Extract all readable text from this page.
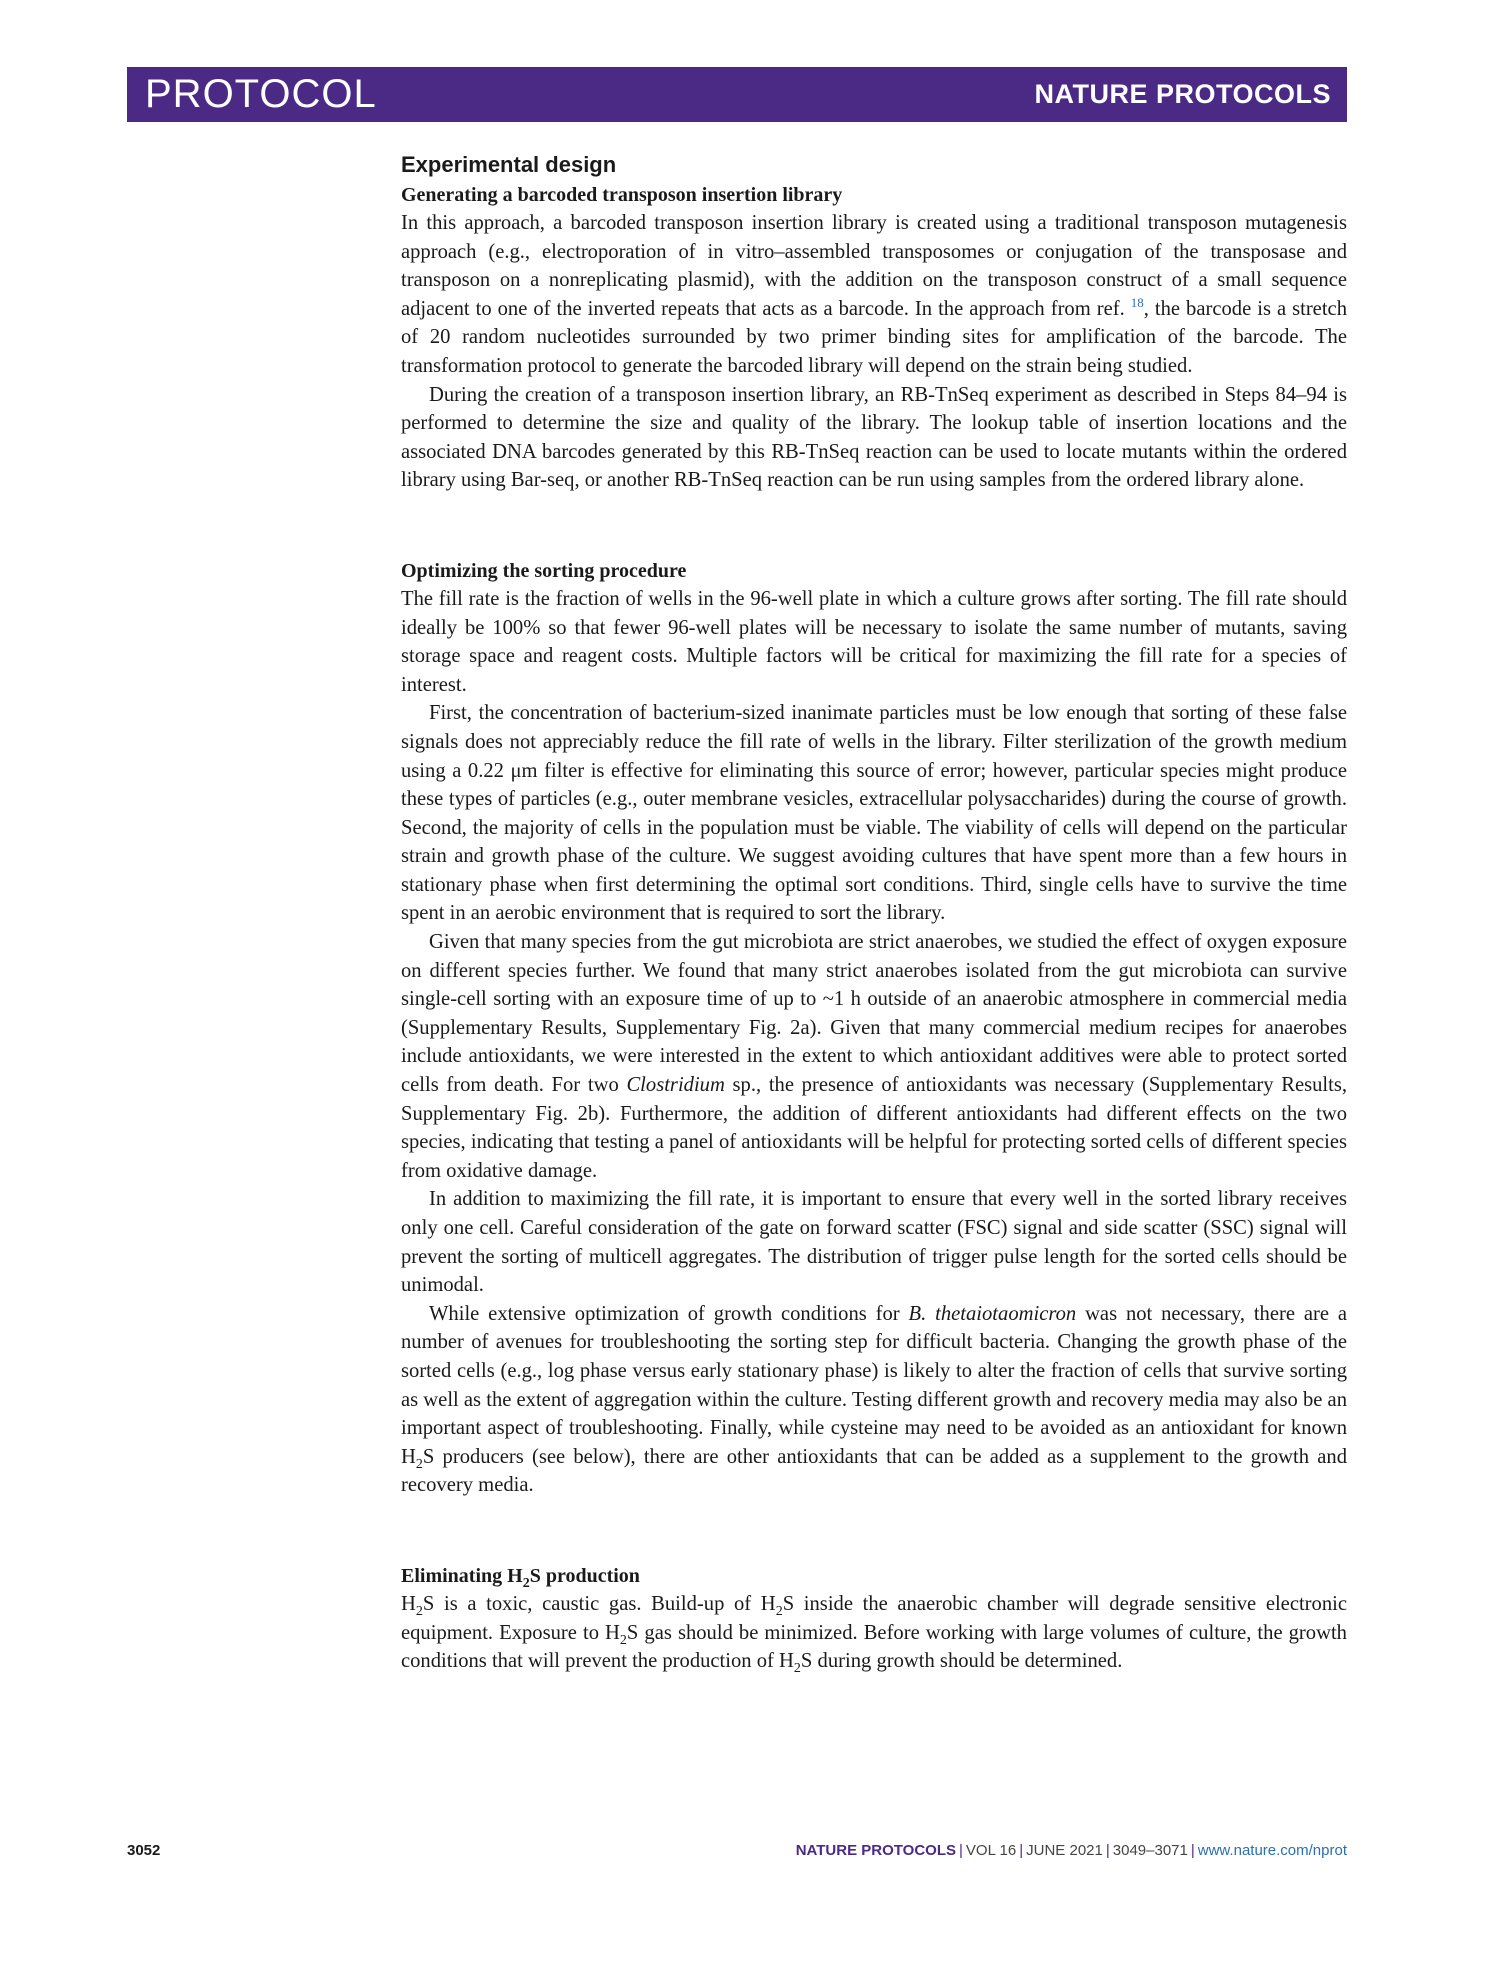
PROTOCOL	NATURE PROTOCOLS
Experimental design
Generating a barcoded transposon insertion library

In this approach, a barcoded transposon insertion library is created using a traditional transposon mutagenesis approach (e.g., electroporation of in vitro–assembled transposomes or conjugation of the transposase and transposon on a nonreplicating plasmid), with the addition on the transposon construct of a small sequence adjacent to one of the inverted repeats that acts as a barcode. In the approach from ref. $^{18}$, the barcode is a stretch of 20 random nucleotides surrounded by two primer binding sites for amplification of the barcode. The transformation protocol to generate the barcoded library will depend on the strain being studied.

During the creation of a transposon insertion library, an RB-TnSeq experiment as described in Steps 84–94 is performed to determine the size and quality of the library. The lookup table of insertion locations and the associated DNA barcodes generated by this RB-TnSeq reaction can be used to locate mutants within the ordered library using Bar-seq, or another RB-TnSeq reaction can be run using samples from the ordered library alone.

Optimizing the sorting procedure

The fill rate is the fraction of wells in the 96-well plate in which a culture grows after sorting. The fill rate should ideally be 100% so that fewer 96-well plates will be necessary to isolate the same number of mutants, saving storage space and reagent costs. Multiple factors will be critical for maximizing the fill rate for a species of interest.

First, the concentration of bacterium-sized inanimate particles must be low enough that sorting of these false signals does not appreciably reduce the fill rate of wells in the library. Filter sterilization of the growth medium using a 0.22 μm filter is effective for eliminating this source of error; however, particular species might produce these types of particles (e.g., outer membrane vesicles, extracellular polysaccharides) during the course of growth. Second, the majority of cells in the population must be viable. The viability of cells will depend on the particular strain and growth phase of the culture. We suggest avoiding cultures that have spent more than a few hours in stationary phase when first determining the optimal sort conditions. Third, single cells have to survive the time spent in an aerobic environment that is required to sort the library.

Given that many species from the gut microbiota are strict anaerobes, we studied the effect of oxygen exposure on different species further. We found that many strict anaerobes isolated from the gut microbiota can survive single-cell sorting with an exposure time of up to ~1 h outside of an anaerobic atmosphere in commercial media (Supplementary Results, Supplementary Fig. 2a). Given that many commercial medium recipes for anaerobes include antioxidants, we were interested in the extent to which antioxidant additives were able to protect sorted cells from death. For two Clostridium sp., the presence of antioxidants was necessary (Supplementary Results, Supplementary Fig. 2b). Furthermore, the addition of different antioxidants had different effects on the two species, indicating that testing a panel of antioxidants will be helpful for protecting sorted cells of different species from oxidative damage.

In addition to maximizing the fill rate, it is important to ensure that every well in the sorted library receives only one cell. Careful consideration of the gate on forward scatter (FSC) signal and side scatter (SSC) signal will prevent the sorting of multicell aggregates. The distribution of trigger pulse length for the sorted cells should be unimodal.

While extensive optimization of growth conditions for B. thetaiotaomicron was not necessary, there are a number of avenues for troubleshooting the sorting step for difficult bacteria. Changing the growth phase of the sorted cells (e.g., log phase versus early stationary phase) is likely to alter the fraction of cells that survive sorting as well as the extent of aggregation within the culture. Testing different growth and recovery media may also be an important aspect of troubleshooting. Finally, while cysteine may need to be avoided as an antioxidant for known $H_2S$ producers (see below), there are other antioxidants that can be added as a supplement to the growth and recovery media.

Eliminating $H_2S$ production

$H_2S$ is a toxic, caustic gas. Build-up of $H_2S$ inside the anaerobic chamber will degrade sensitive electronic equipment. Exposure to $H_2S$ gas should be minimized. Before working with large volumes of culture, the growth conditions that will prevent the production of $H_2S$ during growth should be determined.

3052	NATURE PROTOCOLS | VOL 16 | JUNE 2021 | 3049–3071 | www.nature.com/nprot
